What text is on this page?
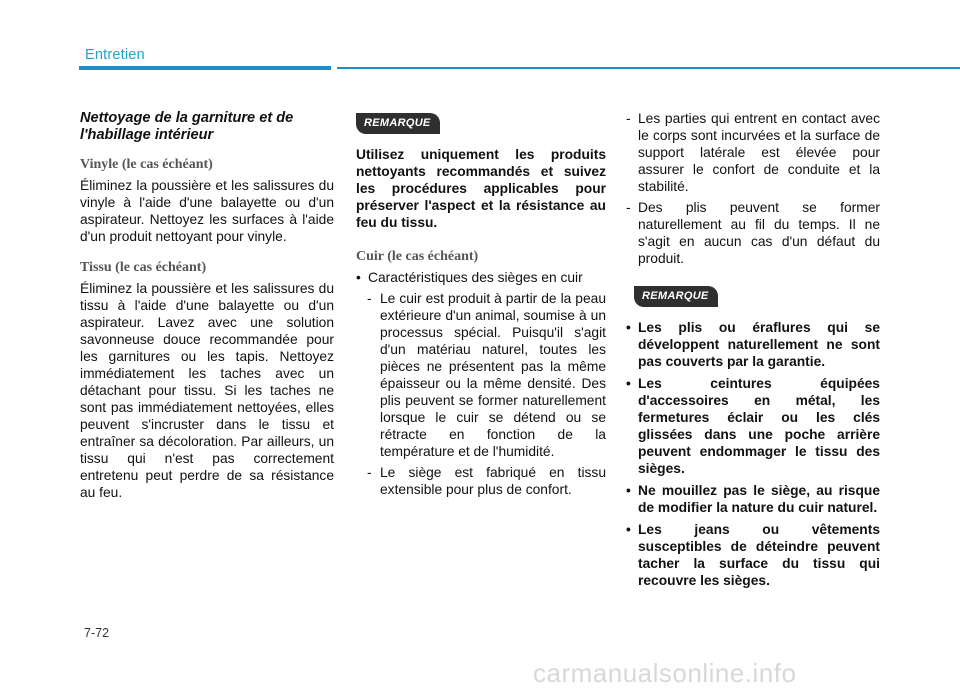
Entretien

Nettoyage de la garniture et de l'habillage intérieur

Vinyle (le cas échéant)

Éliminez la poussière et les salissures du vinyle à l'aide d'une balayette ou d'un aspirateur. Nettoyez les surfaces à l'aide d'un produit nettoyant pour vinyle.

Tissu (le cas échéant)

Éliminez la poussière et les salissures du tissu à l'aide d'une balayette ou d'un aspirateur. Lavez avec une solution savonneuse douce recommandée pour les garnitures ou les tapis. Nettoyez immédiatement les taches avec un détachant pour tissu. Si les taches ne sont pas immédiatement nettoyées, elles peuvent s'incruster dans le tissu et entraîner sa décoloration. Par ailleurs, un tissu qui n'est pas correctement entretenu peut perdre de sa résistance au feu.

REMARQUE

Utilisez uniquement les produits nettoyants recommandés et suivez les procédures applicables pour préserver l'aspect et la résistance au feu du tissu.

Cuir (le cas échéant)

• Caractéristiques des sièges en cuir

- Le cuir est produit à partir de la peau extérieure d'un animal, soumise à un processus spécial. Puisqu'il s'agit d'un matériau naturel, toutes les pièces ne présentent pas la même épaisseur ou la même densité. Des plis peuvent se former naturellement lorsque le cuir se détend ou se rétracte en fonction de la température et de l'humidité.

- Le siège est fabriqué en tissu extensible pour plus de confort.

- Les parties qui entrent en contact avec le corps sont incurvées et la surface de support latérale est élevée pour assurer le confort de conduite et la stabilité.

- Des plis peuvent se former naturellement au fil du temps. Il ne s'agit en aucun cas d'un défaut du produit.

REMARQUE

• Les plis ou éraflures qui se développent naturellement ne sont pas couverts par la garantie.

• Les ceintures équipées d'accessoires en métal, les fermetures éclair ou les clés glissées dans une poche arrière peuvent endommager le tissu des sièges.

• Ne mouillez pas le siège, au risque de modifier la nature du cuir naturel.

• Les jeans ou vêtements susceptibles de déteindre peuvent tacher la surface du tissu qui recouvre les sièges.

7-72
carmanualsonline.info
